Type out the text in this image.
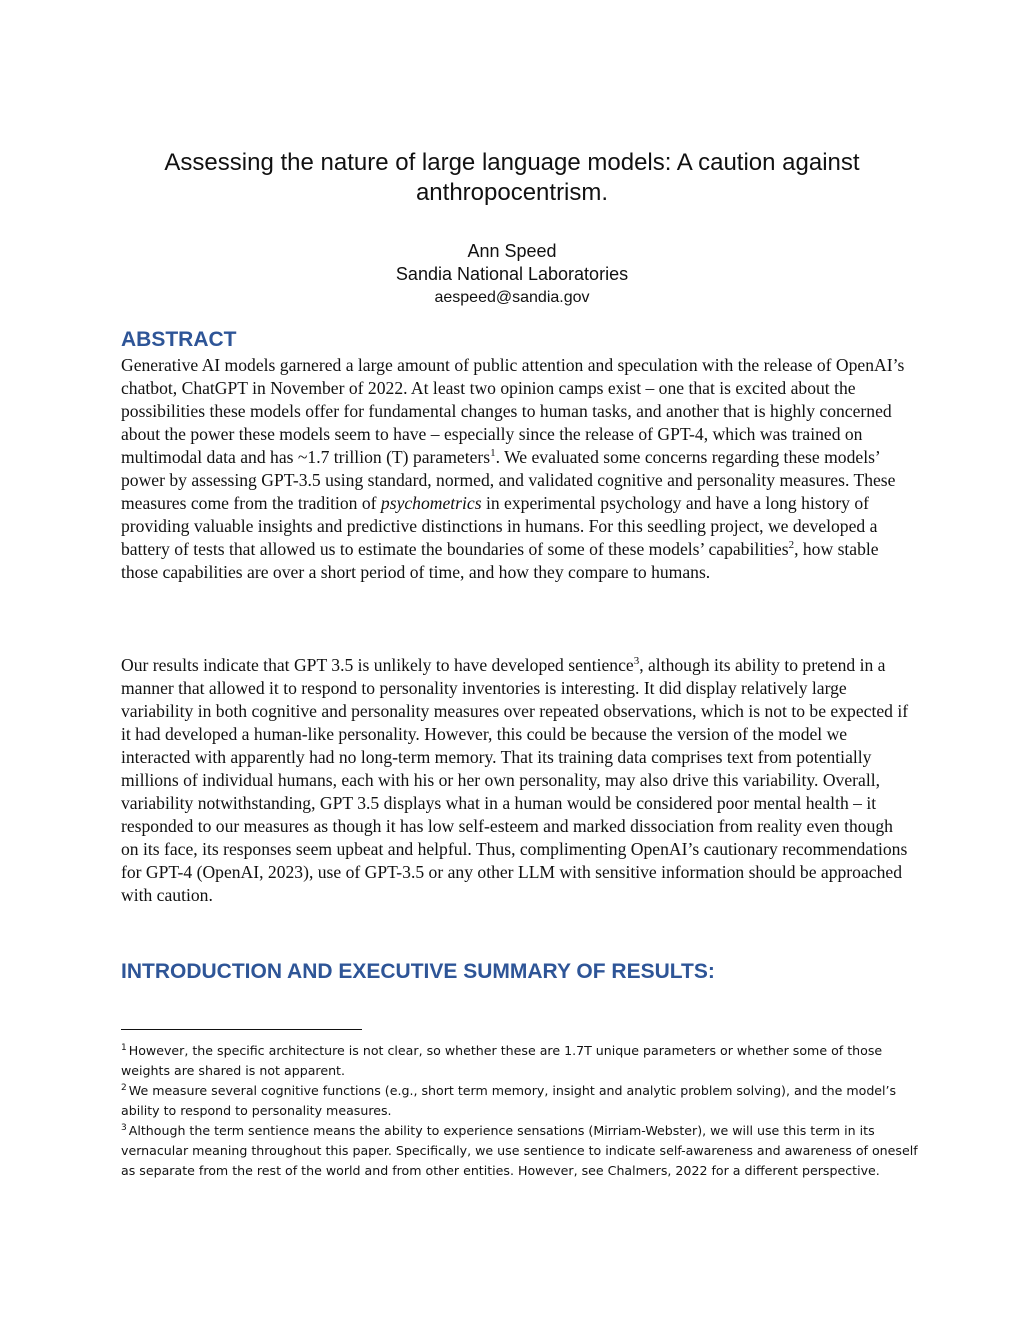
Assessing the nature of large language models: A caution against
anthropocentrism.
Ann Speed
Sandia National Laboratories
aespeed@sandia.gov
ABSTRACT
Generative AI models garnered a large amount of public attention and speculation with the release of OpenAI’s chatbot, ChatGPT in November of 2022. At least two opinion camps exist – one that is excited about the possibilities these models offer for fundamental changes to human tasks, and another that is highly concerned about the power these models seem to have – especially since the release of GPT-4, which was trained on multimodal data and has ~1.7 trillion (T) parameters$^1$. We evaluated some concerns regarding these models’ power by assessing GPT-3.5 using standard, normed, and validated cognitive and personality measures. These measures come from the tradition of psychometrics in experimental psychology and have a long history of providing valuable insights and predictive distinctions in humans. For this seedling project, we developed a battery of tests that allowed us to estimate the boundaries of some of these models’ capabilities$^2$, how stable those capabilities are over a short period of time, and how they compare to humans.
Our results indicate that GPT 3.5 is unlikely to have developed sentience$^3$, although its ability to pretend in a manner that allowed it to respond to personality inventories is interesting. It did display relatively large variability in both cognitive and personality measures over repeated observations, which is not to be expected if it had developed a human-like personality. However, this could be because the version of the model we interacted with apparently had no long-term memory. That its training data comprises text from potentially millions of individual humans, each with his or her own personality, may also drive this variability. Overall, variability notwithstanding, GPT 3.5 displays what in a human would be considered poor mental health – it responded to our measures as though it has low self-esteem and marked dissociation from reality even though on its face, its responses seem upbeat and helpful. Thus, complimenting OpenAI’s cautionary recommendations for GPT-4 (OpenAI, 2023), use of GPT-3.5 or any other LLM with sensitive information should be approached with caution.
INTRODUCTION AND EXECUTIVE SUMMARY OF RESULTS:
$^1$ However, the specific architecture is not clear, so whether these are 1.7T unique parameters or whether some of those weights are shared is not apparent.
$^2$ We measure several cognitive functions (e.g., short term memory, insight and analytic problem solving), and the model’s ability to respond to personality measures.
$^3$ Although the term sentience means the ability to experience sensations (Mirriam-Webster), we will use this term in its vernacular meaning throughout this paper. Specifically, we use sentience to indicate self-awareness and awareness of oneself as separate from the rest of the world and from other entities. However, see Chalmers, 2022 for a different perspective.
